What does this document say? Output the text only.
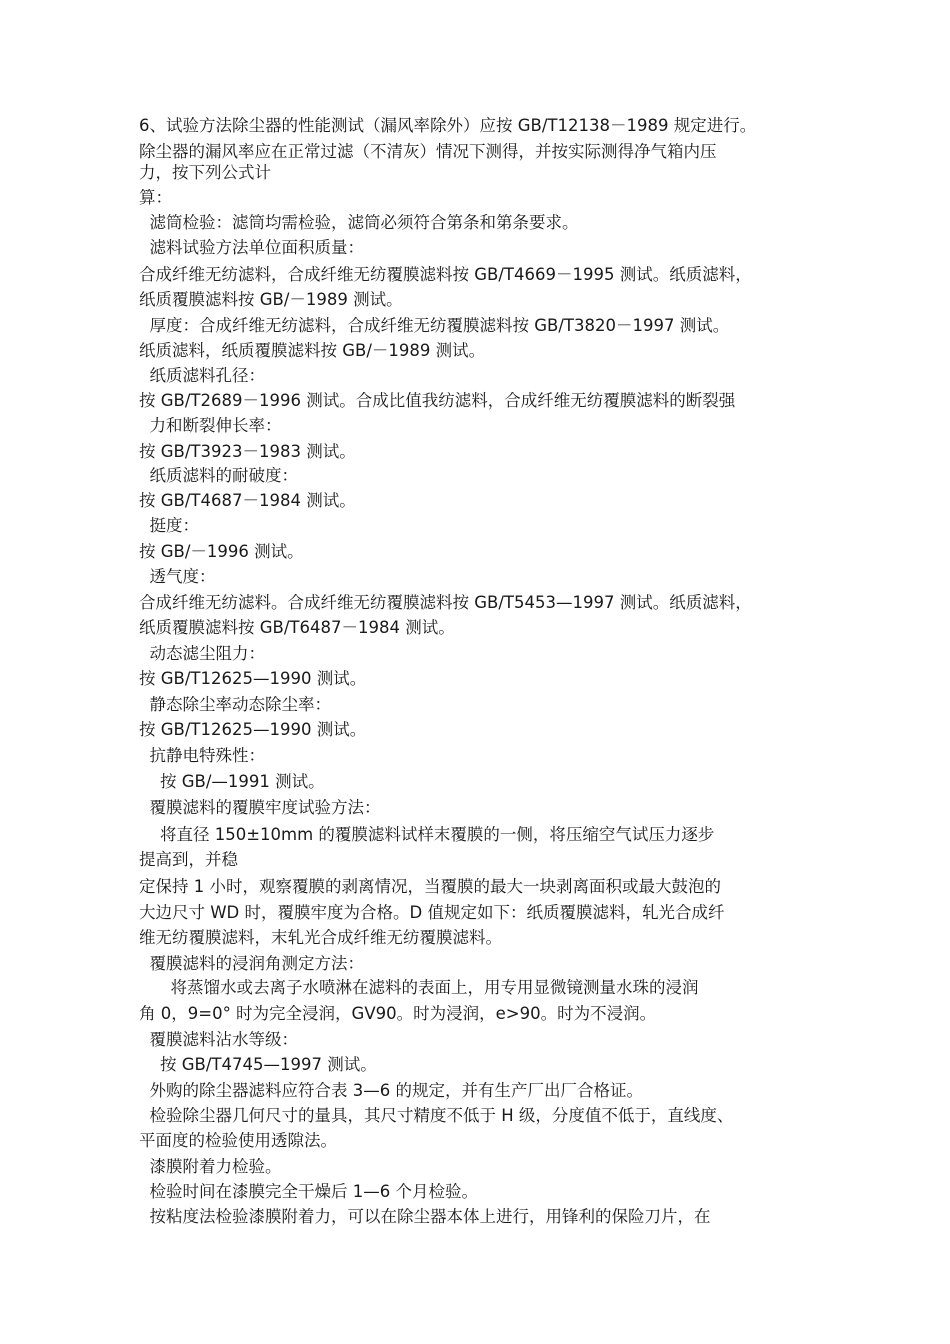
6、试验方法除尘器的性能测试（漏风率除外）应按 GB/T12138－1989 规定进行。
除尘器的漏风率应在正常过滤（不清灰）情况下测得，并按实际测得净气箱内压
力，按下列公式计
算：
滤筒检验：滤筒均需检验，滤筒必须符合第条和第条要求。
滤料试验方法单位面积质量：
合成纤维无纺滤料，合成纤维无纺覆膜滤料按 GB/T4669－1995 测试。纸质滤料，
纸质覆膜滤料按 GB/－1989 测试。
厚度：合成纤维无纺滤料，合成纤维无纺覆膜滤料按 GB/T3820－1997 测试。
纸质滤料，纸质覆膜滤料按 GB/－1989 测试。
纸质滤料孔径：
按 GB/T2689－1996 测试。合成比值我纺滤料，合成纤维无纺覆膜滤料的断裂强
力和断裂伸长率：
按 GB/T3923－1983 测试。
纸质滤料的耐破度：
按 GB/T4687－1984 测试。
挺度：
按 GB/－1996 测试。
透气度：
合成纤维无纺滤料。合成纤维无纺覆膜滤料按 GB/T5453—1997 测试。纸质滤料，
纸质覆膜滤料按 GB/T6487－1984 测试。
动态滤尘阻力：
按 GB/T12625—1990 测试。
静态除尘率动态除尘率：
按 GB/T12625—1990 测试。
抗静电特殊性：
按 GB/—1991 测试。
覆膜滤料的覆膜牢度试验方法：
将直径 150±10mm 的覆膜滤料试样末覆膜的一侧，将压缩空气试压力逐步
提高到，并稳
定保持 1 小时，观察覆膜的剥离情况，当覆膜的最大一块剥离面积或最大鼓泡的
大边尺寸 WD 时，覆膜牢度为合格。D 值规定如下：纸质覆膜滤料，轧光合成纤
维无纺覆膜滤料，末轧光合成纤维无纺覆膜滤料。
覆膜滤料的浸润角测定方法：
将蒸馏水或去离子水喷淋在滤料的表面上，用专用显微镜测量水珠的浸润
角 0，9=0° 时为完全浸润，GV90。时为浸润，e>90。时为不浸润。
覆膜滤料沾水等级：
按 GB/T4745—1997 测试。
外购的除尘器滤料应符合表 3—6 的规定，并有生产厂出厂合格证。
检验除尘器几何尺寸的量具，其尺寸精度不低于 H 级，分度值不低于，直线度、
平面度的检验使用透隙法。
漆膜附着力检验。
检验时间在漆膜完全干燥后 1—6 个月检验。
按粘度法检验漆膜附着力，可以在除尘器本体上进行，用锋利的保险刀片，在
